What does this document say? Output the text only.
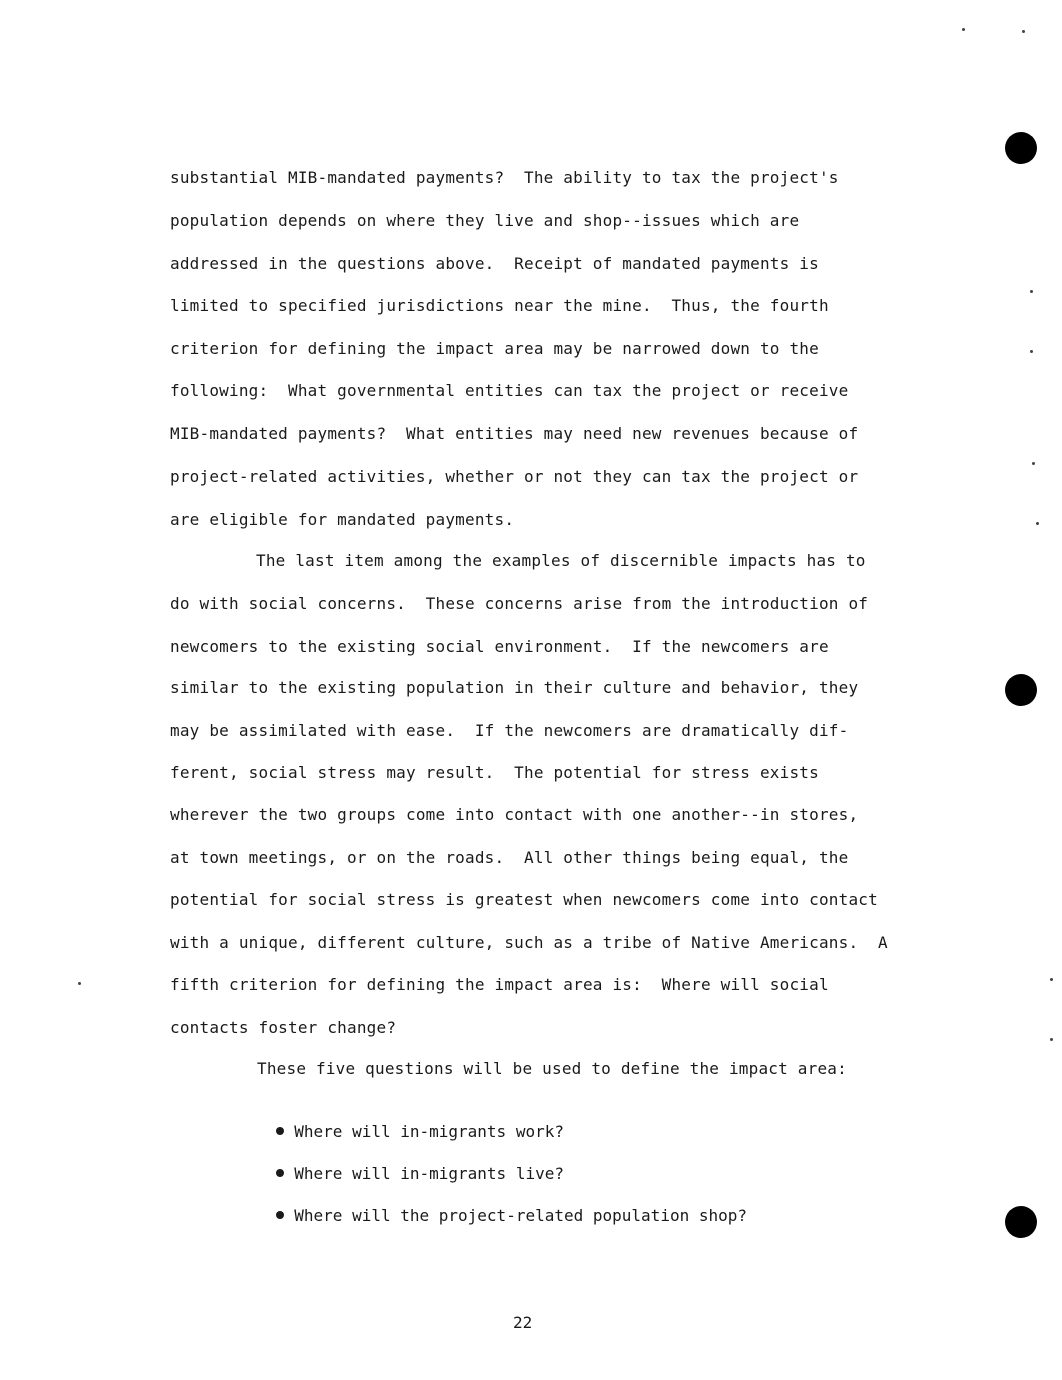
substantial MIB-mandated payments?  The ability to tax the project's
population depends on where they live and shop--issues which are
addressed in the questions above.  Receipt of mandated payments is
limited to specified jurisdictions near the mine.  Thus, the fourth
criterion for defining the impact area may be narrowed down to the
following:  What governmental entities can tax the project or receive
MIB-mandated payments?  What entities may need new revenues because of
project-related activities, whether or not they can tax the project or
are eligible for mandated payments.
The last item among the examples of discernible impacts has to
do with social concerns.  These concerns arise from the introduction of
newcomers to the existing social environment.  If the newcomers are
similar to the existing population in their culture and behavior, they
may be assimilated with ease.  If the newcomers are dramatically dif-
ferent, social stress may result.  The potential for stress exists
wherever the two groups come into contact with one another--in stores,
at town meetings, or on the roads.  All other things being equal, the
potential for social stress is greatest when newcomers come into contact
with a unique, different culture, such as a tribe of Native Americans.  A
fifth criterion for defining the impact area is:  Where will social
contacts foster change?
These five questions will be used to define the impact area:

Where will in-migrants work?

Where will in-migrants live?

Where will the project-related population shop?

22
